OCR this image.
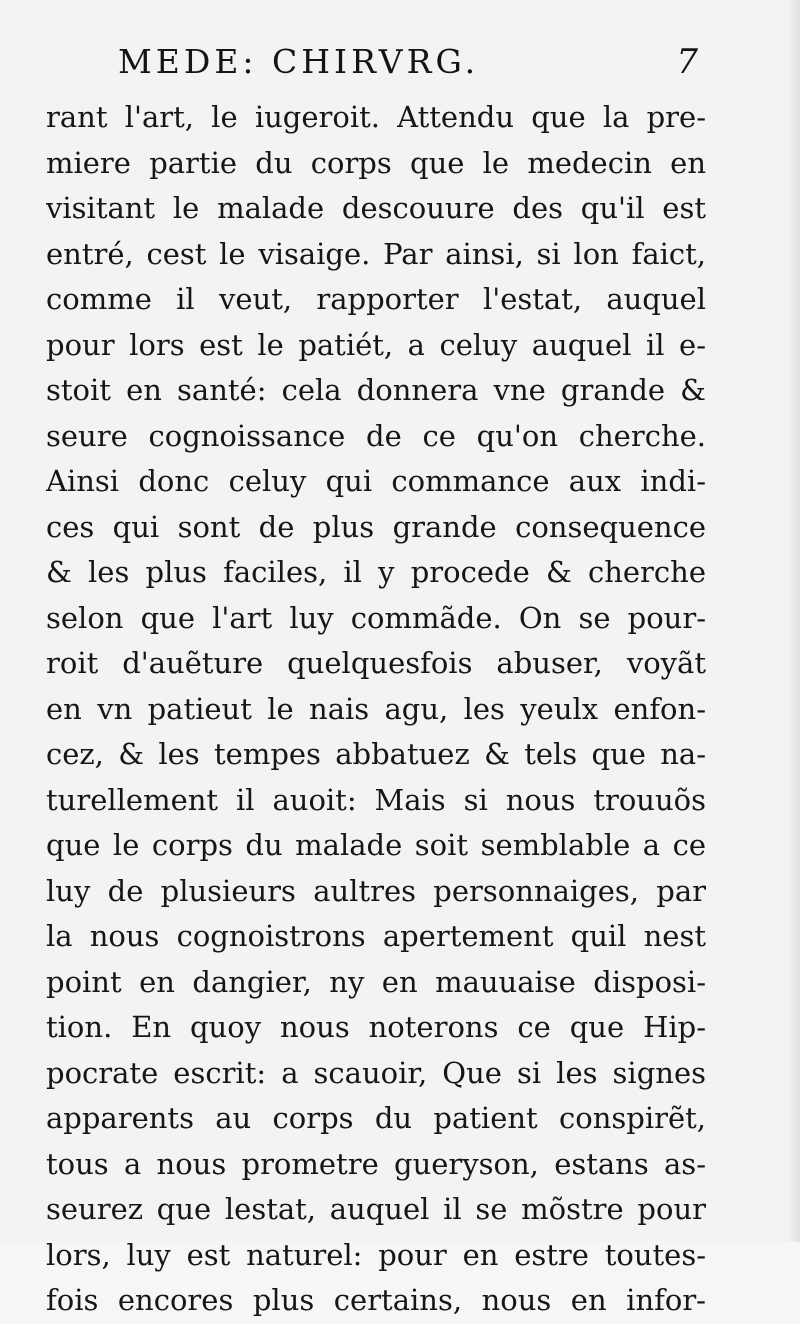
MEDE: CHIRVRG.	7
rant l'art, le iugeroit. Attendu que la pre-
miere partie du corps que le medecin en
visitant le malade descouure des qu'il est
entré, cest le visaige. Par ainsi, si lon faict,
comme il veut, rapporter l'estat, auquel
pour lors est le patiét, a celuy auquel il e-
stoit en santé: cela donnera vne grande &
seure cognoissance de ce qu'on cherche.
Ainsi donc celuy qui commance aux indi-
ces qui sont de plus grande consequence
& les plus faciles, il y procede & cherche
selon que l'art luy commãde. On se pour-
roit d'auẽture quelquesfois abuser, voyãt
en vn patieut le nais agu, les yeulx enfon-
cez, & les tempes abbatuez & tels que na-
turellement il auoit: Mais si nous trouuõs
que le corps du malade soit semblable a ce
luy de plusieurs aultres personnaiges, par
la nous cognoistrons apertement quil nest
point en dangier, ny en mauuaise disposi-
tion. En quoy nous noterons ce que Hip-
pocrate escrit: a scauoir, Que si les signes
apparents au corps du patient conspirẽt,
tous a nous prometre gueryson, estans as-
seurez que lestat, auquel il se mõstre pour
lors, luy est naturel: pour en estre toutes-
fois encores plus certains, nous en infor-
